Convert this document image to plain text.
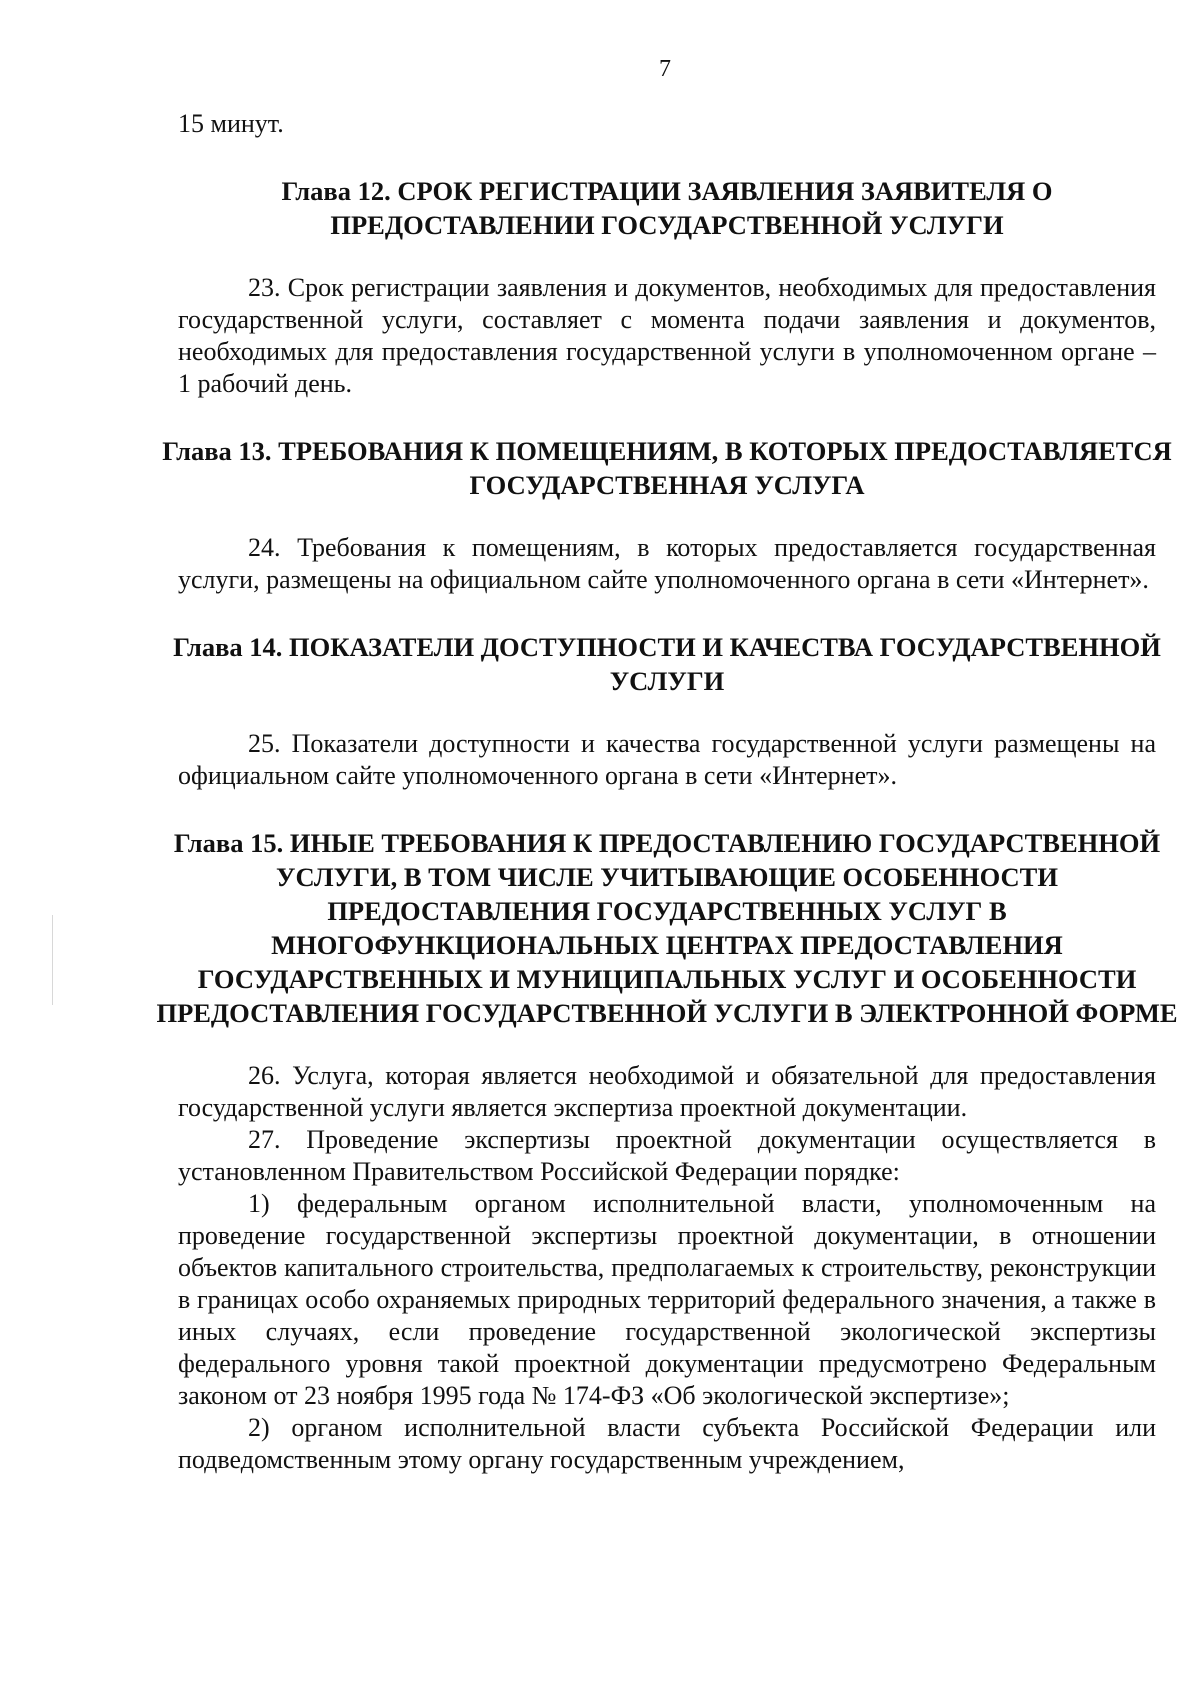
7

15 минут.

Глава 12. СРОК РЕГИСТРАЦИИ ЗАЯВЛЕНИЯ ЗАЯВИТЕЛЯ О ПРЕДОСТАВЛЕНИИ ГОСУДАРСТВЕННОЙ УСЛУГИ

23. Срок регистрации заявления и документов, необходимых для предоставления государственной услуги, составляет с момента подачи заявления и документов, необходимых для предоставления государственной услуги в уполномоченном органе – 1 рабочий день.

Глава 13. ТРЕБОВАНИЯ К ПОМЕЩЕНИЯМ, В КОТОРЫХ ПРЕДОСТАВЛЯЕТСЯ ГОСУДАРСТВЕННАЯ УСЛУГА

24. Требования к помещениям, в которых предоставляется государственная услуги, размещены на официальном сайте уполномоченного органа в сети «Интернет».

Глава 14. ПОКАЗАТЕЛИ ДОСТУПНОСТИ И КАЧЕСТВА ГОСУДАРСТВЕННОЙ УСЛУГИ

25. Показатели доступности и качества государственной услуги размещены на официальном сайте уполномоченного органа в сети «Интернет».

Глава 15. ИНЫЕ ТРЕБОВАНИЯ К ПРЕДОСТАВЛЕНИЮ ГОСУДАРСТВЕННОЙ УСЛУГИ, В ТОМ ЧИСЛЕ УЧИТЫВАЮЩИЕ ОСОБЕННОСТИ ПРЕДОСТАВЛЕНИЯ ГОСУДАРСТВЕННЫХ УСЛУГ В МНОГОФУНКЦИОНАЛЬНЫХ ЦЕНТРАХ ПРЕДОСТАВЛЕНИЯ ГОСУДАРСТВЕННЫХ И МУНИЦИПАЛЬНЫХ УСЛУГ И ОСОБЕННОСТИ ПРЕДОСТАВЛЕНИЯ ГОСУДАРСТВЕННОЙ УСЛУГИ В ЭЛЕКТРОННОЙ ФОРМЕ

26. Услуга, которая является необходимой и обязательной для предоставления государственной услуги является экспертиза проектной документации.

27. Проведение экспертизы проектной документации осуществляется в установленном Правительством Российской Федерации порядке:

1) федеральным органом исполнительной власти, уполномоченным на проведение государственной экспертизы проектной документации, в отношении объектов капитального строительства, предполагаемых к строительству, реконструкции в границах особо охраняемых природных территорий федерального значения, а также в иных случаях, если проведение государственной экологической экспертизы федерального уровня такой проектной документации предусмотрено Федеральным законом от 23 ноября 1995 года № 174-ФЗ «Об экологической экспертизе»;

2) органом исполнительной власти субъекта Российской Федерации или подведомственным этому органу государственным учреждением,
